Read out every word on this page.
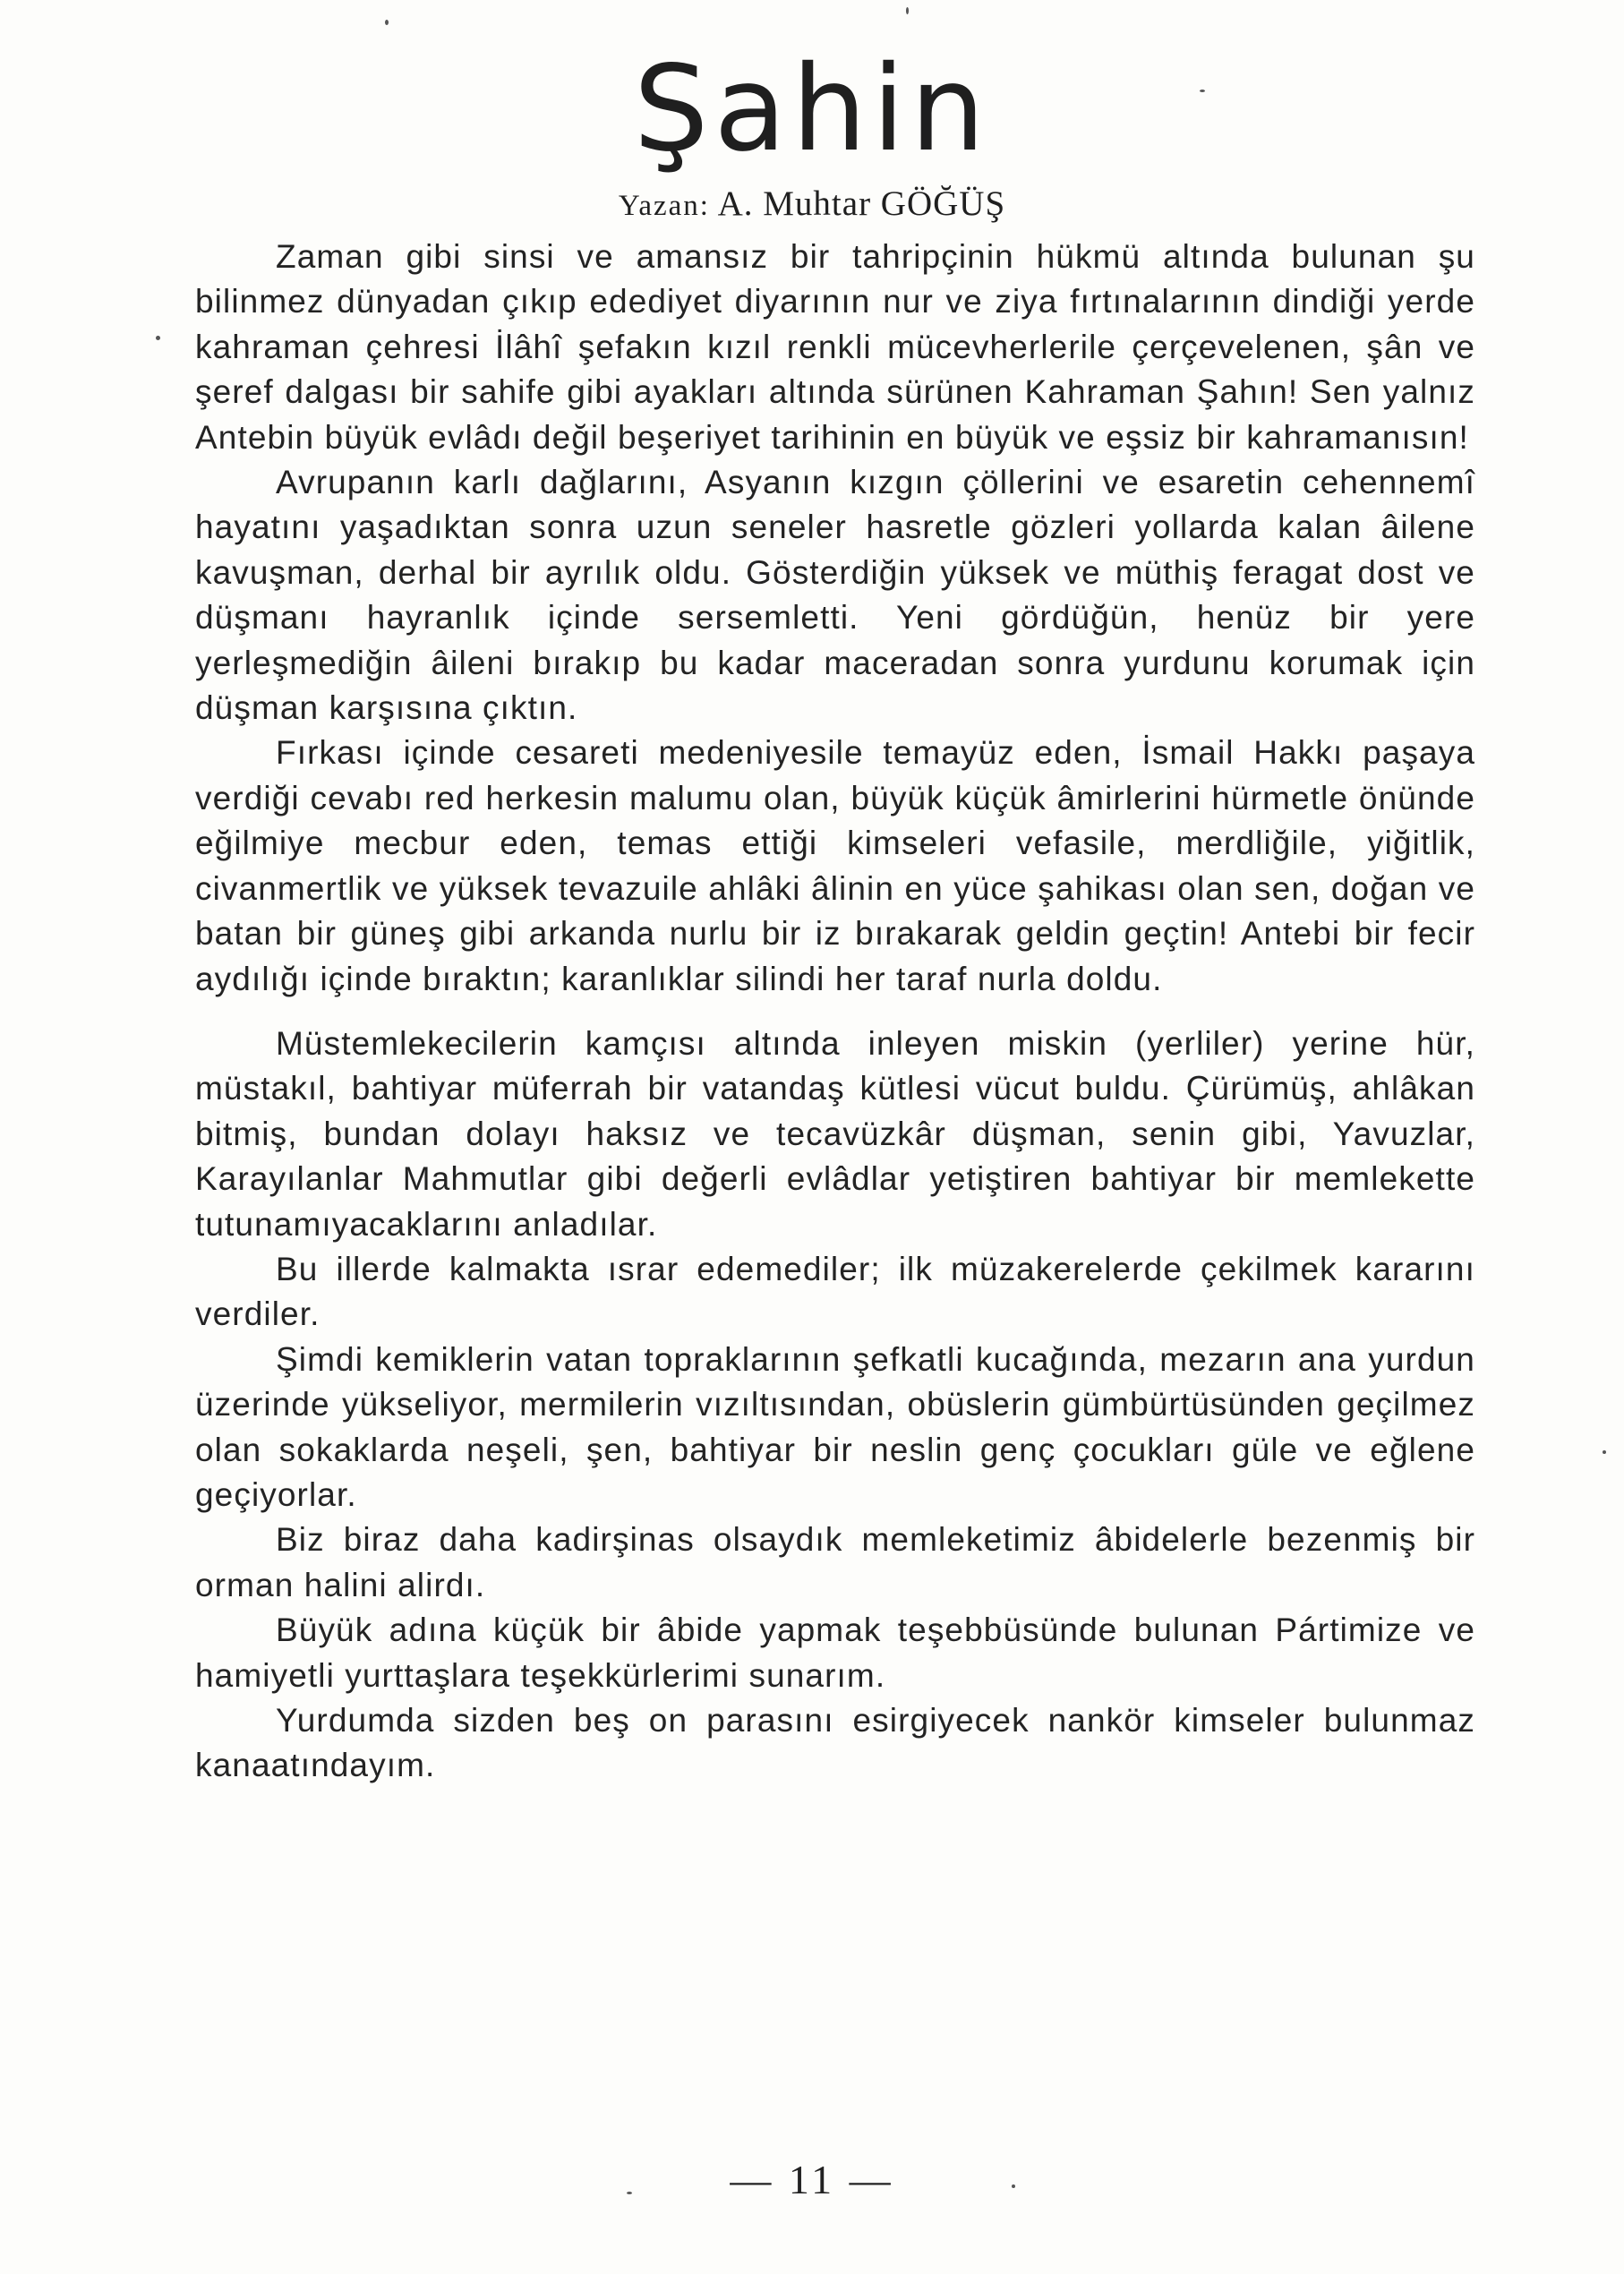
Şahin
Yazan: A. Muhtar GÖĞÜŞ

Zaman gibi sinsi ve amansız bir tahripçinin hükmü altında bulunan şu bilinmez dünyadan çıkıp edediyet diyarının nur ve ziya fırtınalarının dindiği yerde kahraman çehresi İlâhî şefakın kızıl renkli mücevherlerile çerçevelenen, şân ve şeref dalgası bir sahife gibi ayakları altında sürünen Kahraman Şahın! Sen yalnız Antebin büyük evlâdı değil beşeriyet tarihinin en büyük ve eşsiz bir kahramanısın!

Avrupanın karlı dağlarını, Asyanın kızgın çöllerini ve esaretin cehennemî hayatını yaşadıktan sonra uzun seneler hasretle gözleri yollarda kalan âilene kavuşman, derhal bir ayrılık oldu. Gösterdiğin yüksek ve müthiş feragat dost ve düşmanı hayranlık içinde sersemletti. Yeni gördüğün, henüz bir yere yerleşmediğin âileni bırakıp bu kadar maceradan sonra yurdunu korumak için düşman karşısına çıktın.

Fırkası içinde cesareti medeniyesile temayüz eden, İsmail Hakkı paşaya verdiği cevabı red herkesin malumu olan, büyük küçük âmirlerini hürmetle önünde eğilmiye mecbur eden, temas ettiği kimseleri vefasile, merdliğile, yiğitlik, civanmertlik ve yüksek tevazuile ahlâki âlinin en yüce şahikası olan sen, doğan ve batan bir güneş gibi arkanda nurlu bir iz bırakarak geldin geçtin! Antebi bir fecir aydılığı içinde bıraktın; karanlıklar silindi her taraf nurla doldu.

Müstemlekecilerin kamçısı altında inleyen miskin (yerliler) yerine hür, müstakıl, bahtiyar müferrah bir vatandaş kütlesi vücut buldu. Çürümüş, ahlâkan bitmiş, bundan dolayı haksız ve tecavüzkâr düşman, senin gibi, Yavuzlar, Karayılanlar Mahmutlar gibi değerli evlâdlar yetiştiren bahtiyar bir memlekette tutunamıyacaklarını anladılar.

Bu illerde kalmakta ısrar edemediler; ilk müzakerelerde çekilmek kararını verdiler.

Şimdi kemiklerin vatan topraklarının şefkatli kucağında, mezarın ana yurdun üzerinde yükseliyor, mermilerin vızıltısından, obüslerin gümbürtüsünden geçilmez olan sokaklarda neşeli, şen, bahtiyar bir neslin genç çocukları güle ve eğlene geçiyorlar.

Biz biraz daha kadirşinas olsaydık memleketimiz âbidelerle bezenmiş bir orman halini alirdı.

Büyük adına küçük bir âbide yapmak teşebbüsünde bulunan Pártimize ve hamiyetli yurttaşlara teşekkürlerimi sunarım.

Yurdumda sizden beş on parasını esirgiyecek nankör kimseler bulunmaz kanaatındayım.

— 11 —
